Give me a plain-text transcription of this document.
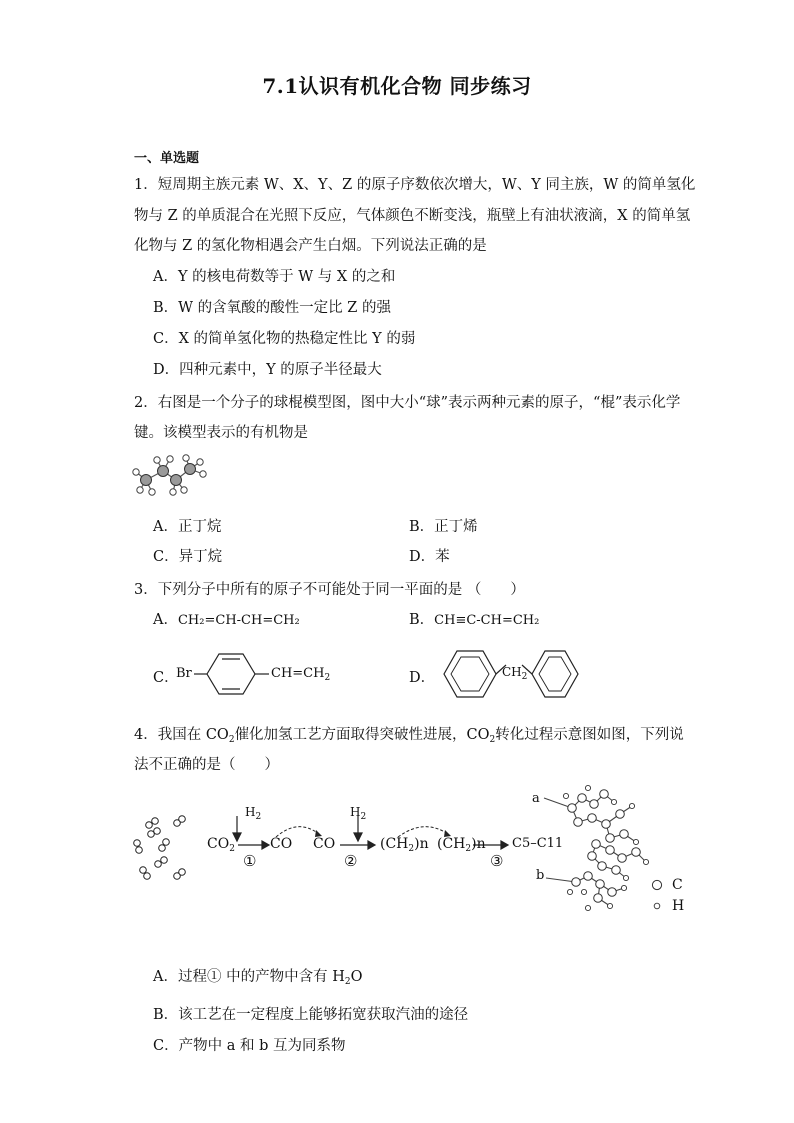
7.1认识有机化合物 同步练习
一、单选题
1．短周期主族元素 W、X、Y、Z 的原子序数依次增大，W、Y 同主族，W 的简单氢化
物与 Z 的单质混合在光照下反应，气体颜色不断变浅，瓶壁上有油状液滴，X 的简单氢
化物与 Z 的氢化物相遇会产生白烟。下列说法正确的是
A．Y 的核电荷数等于 W 与 X 的之和
B．W 的含氧酸的酸性一定比 Z 的强
C．X 的简单氢化物的热稳定性比 Y 的弱
D．四种元素中，Y 的原子半径最大
2．右图是一个分子的球棍模型图，图中大小“球”表示两种元素的原子，“棍”表示化学
键。该模型表示的有机物是
A．正丁烷	B．正丁烯
C．异丁烷	D．苯
3．下列分子中所有的原子不可能处于同一平面的是 （　　）
A．CH₂=CH-CH=CH₂	B．CH≡C-CH=CH₂
C．
Br	$CH=CH_2$	D．	$CH_2$
4．我国在 $CO_2$催化加氢工艺方面取得突破性进展，$CO_2$转化过程示意图如图，下列说
法不正确的是（　　）
$H_2$	$H_2$
$CO_2$	CO CO
①	②	③
$(CH_2)n$ $(CH_2)n$ C5–C11
a
b
C
H
A．过程① 中的产物中含有 $H_2O$
B．该工艺在一定程度上能够拓宽获取汽油的途径
C．产物中 a 和 b 互为同系物
